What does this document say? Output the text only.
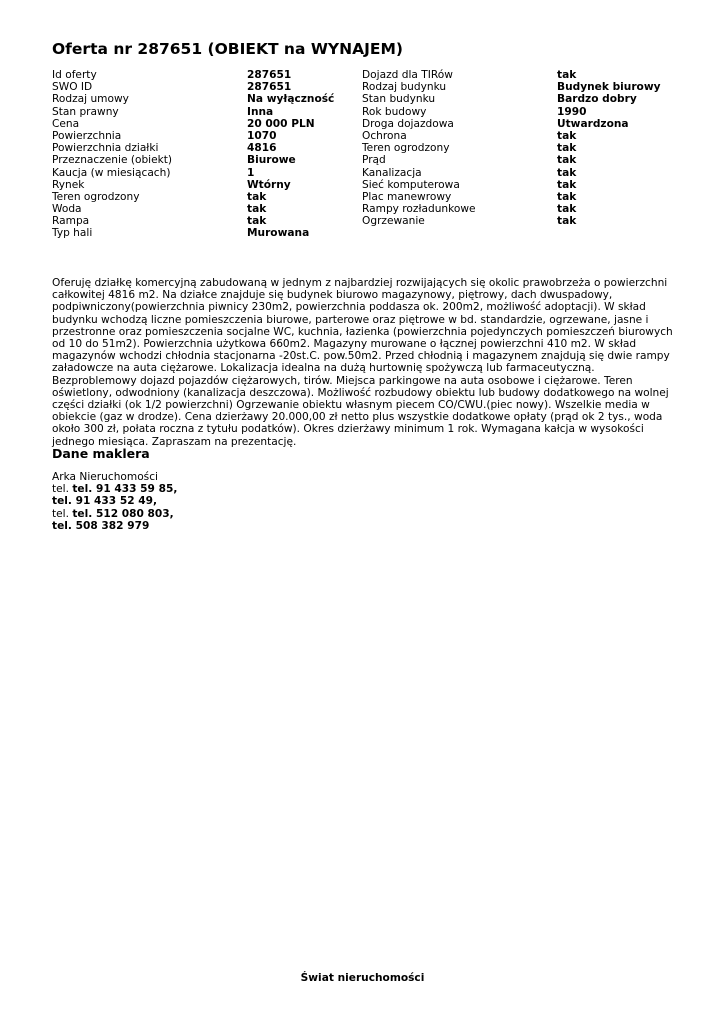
Oferta nr 287651 (OBIEKT na WYNAJEM)
Id oferty	287651
SWO ID	287651
Rodzaj umowy	Na wyłączność
Stan prawny	Inna
Cena	20 000 PLN
Powierzchnia	1070
Powierzchnia działki	4816
Przeznaczenie (obiekt)	Biurowe
Kaucja (w miesiącach)	1
Rynek	Wtórny
Teren ogrodzony	tak
Woda	tak
Rampa	tak
Typ hali	Murowana
Dojazd dla TIRów	tak
Rodzaj budynku	Budynek biurowy
Stan budynku	Bardzo dobry
Rok budowy	1990
Droga dojazdowa	Utwardzona
Ochrona	tak
Teren ogrodzony	tak
Prąd	tak
Kanalizacja	tak
Sieć komputerowa	tak
Plac manewrowy	tak
Rampy rozładunkowe	tak
Ogrzewanie	tak

Oferuję działkę komercyjną zabudowaną w jednym z najbardziej rozwijających się okolic prawobrzeża o powierzchni całkowitej 4816 m2. Na działce znajduje się budynek biurowo magazynowy, piętrowy, dach dwuspadowy, podpiwniczony(powierzchnia piwnicy 230m2, powierzchnia poddasza ok. 200m2, możliwość adoptacji). W skład budynku wchodzą liczne pomieszczenia biurowe, parterowe oraz piętrowe w bd. standardzie, ogrzewane, jasne i przestronne oraz pomieszczenia socjalne WC, kuchnia, łazienka (powierzchnia pojedynczych pomieszczeń biurowych od 10 do 51m2). Powierzchnia użytkowa 660m2. Magazyny murowane o łącznej powierzchni 410 m2. W skład magazynów wchodzi chłodnia stacjonarna -20st.C. pow.50m2. Przed chłodnią i magazynem znajdują się dwie rampy załadowcze na auta ciężarowe. Lokalizacja idealna na dużą hurtownię spożywczą lub farmaceutyczną. Bezproblemowy dojazd pojazdów ciężarowych, tirów. Miejsca parkingowe na auta osobowe i ciężarowe. Teren oświetlony, odwodniony (kanalizacja deszczowa). Możliwość rozbudowy obiektu lub budowy dodatkowego na wolnej części działki (ok 1/2 powierzchni) Ogrzewanie obiektu własnym piecem CO/CWU.(piec nowy). Wszelkie media w obiekcie (gaz w drodze). Cena dzierżawy 20.000,00 zł netto plus wszystkie dodatkowe opłaty (prąd ok 2 tys., woda około 300 zł, połata roczna z tytułu podatków). Okres dzierżawy minimum 1 rok. Wymagana kałcja w wysokości jednego miesiąca. Zapraszam na prezentację.

Dane maklera
Arka Nieruchomości
tel. tel. 91 433 59 85,
tel. 91 433 52 49,
tel. tel. 512 080 803,
tel. 508 382 979
Świat nieruchomości
